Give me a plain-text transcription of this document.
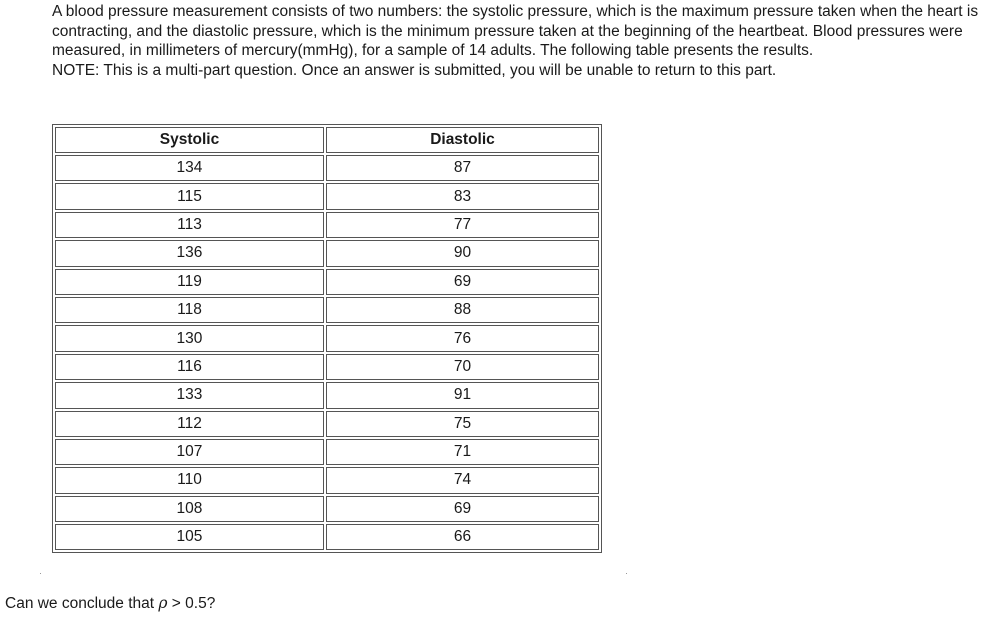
A blood pressure measurement consists of two numbers: the systolic pressure, which is the maximum pressure taken when the heart is contracting, and the diastolic pressure, which is the minimum pressure taken at the beginning of the heartbeat. Blood pressures were measured, in millimeters of mercury(mmHg), for a sample of 14 adults. The following table presents the results.

NOTE: This is a multi-part question. Once an answer is submitted, you will be unable to return to this part.

Systolic	Diastolic
134	87
115	83
113	77
136	90
119	69
118	88
130	76
116	70
133	91
112	75
107	71
110	74
108	69
105	66

Can we conclude that ρ > 0.5?
